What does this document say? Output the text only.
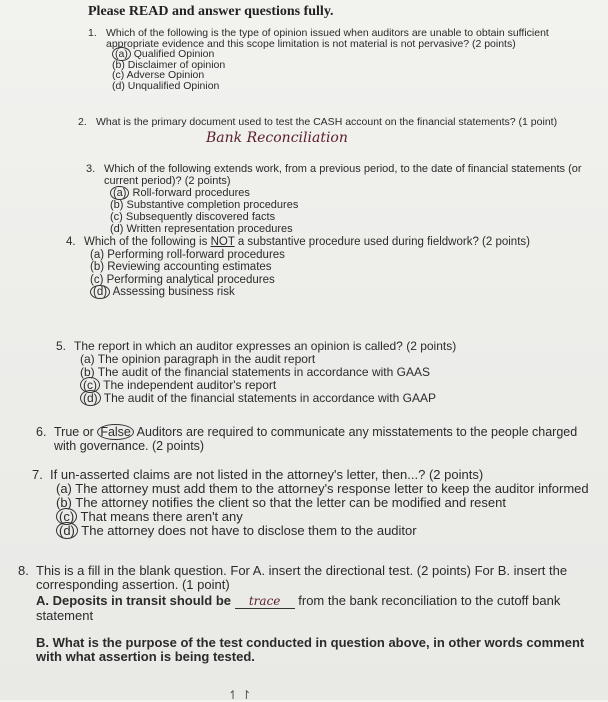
Please READ and answer questions fully.
1. Which of the following is the type of opinion issued when auditors are unable to obtain sufficient appropriate evidence and this scope limitation is not material is not pervasive? (2 points)
(a) Qualified Opinion
(b) Disclaimer of opinion
(c) Adverse Opinion
(d) Unqualified Opinion
2. What is the primary document used to test the CASH account on the financial statements? (1 point)
Bank Reconciliation
3. Which of the following extends work, from a previous period, to the date of financial statements (or current period)? (2 points)
(a) Roll-forward procedures
(b) Substantive completion procedures
(c) Subsequently discovered facts
(d) Written representation procedures
4. Which of the following is NOT a substantive procedure used during fieldwork? (2 points)
(a) Performing roll-forward procedures
(b) Reviewing accounting estimates
(c) Performing analytical procedures
(d) Assessing business risk
5. The report in which an auditor expresses an opinion is called? (2 points)
(a) The opinion paragraph in the audit report
(b) The audit of the financial statements in accordance with GAAS
(c) The independent auditor's report
(d) The audit of the financial statements in accordance with GAAP
6. True or False Auditors are required to communicate any misstatements to the people charged with governance. (2 points)
7. If un-asserted claims are not listed in the attorney's letter, then...? (2 points)
(a) The attorney must add them to the attorney's response letter to keep the auditor informed
(b) The attorney notifies the client so that the letter can be modified and resent
(c) That means there aren't any
(d) The attorney does not have to disclose them to the auditor
8. This is a fill in the blank question. For A. insert the directional test. (2 points) For B. insert the corresponding assertion. (1 point)
A. Deposits in transit should be trace from the bank reconciliation to the cutoff bank statement
B. What is the purpose of the test conducted in question above, in other words comment with what assertion is being tested.
↿ ↾
